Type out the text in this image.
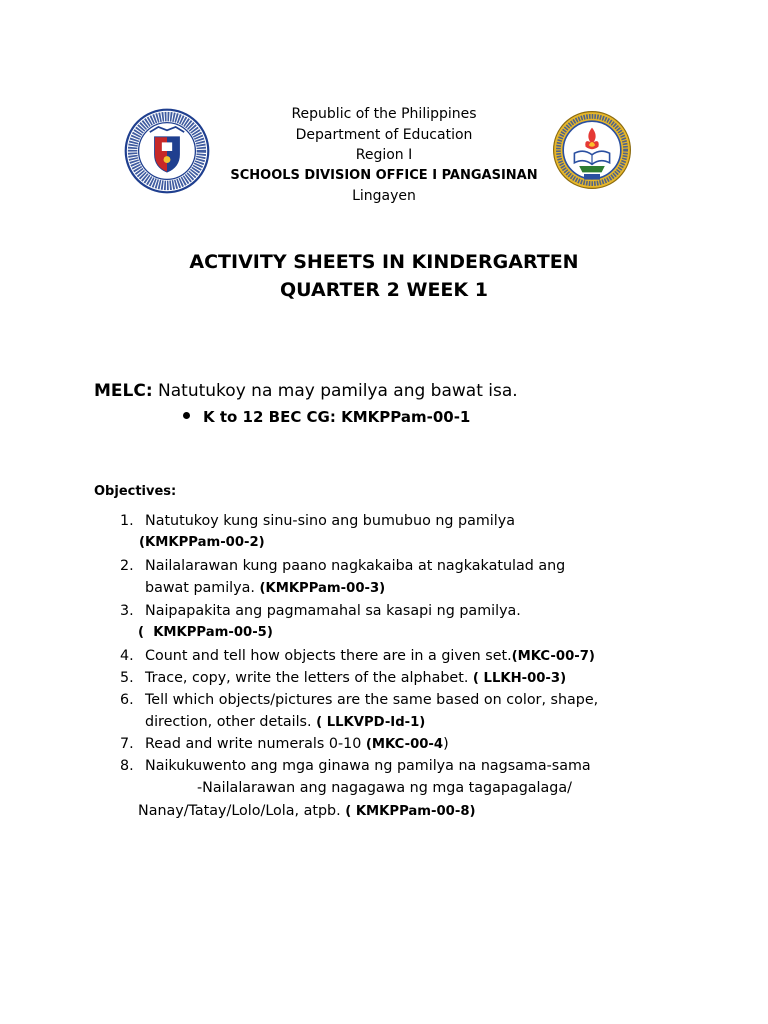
Republic of the Philippines
Department of Education
Region I
SCHOOLS DIVISION OFFICE I PANGASINAN
Lingayen
ACTIVITY SHEETS IN KINDERGARTEN
QUARTER 2 WEEK 1
MELC: Natutukoy na may pamilya ang bawat isa.
K to 12 BEC CG: KMKPPam-00-1
Objectives:
1. Natutukoy kung sinu-sino ang bumubuo ng pamilya
(KMKPPam-00-2)
2. Nailalarawan kung paano nagkakaiba at nagkakatulad ang
bawat pamilya. (KMKPPam-00-3)
3. Naipapakita ang pagmamahal sa kasapi ng pamilya.
(  KMKPPam-00-5)
4. Count and tell how objects there are in a given set.(MKC-00-7)
5. Trace, copy, write the letters of the alphabet. ( LLKH-00-3)
6. Tell which objects/pictures are the same based on color, shape,
direction, other details. ( LLKVPD-Id-1)
7. Read and write numerals 0-10 (MKC-00-4)
8. Naikukuwento ang mga ginawa ng pamilya na nagsama-sama
-Nailalarawan ang nagagawa ng mga tagapagalaga/
Nanay/Tatay/Lolo/Lola, atpb. ( KMKPPam-00-8)
